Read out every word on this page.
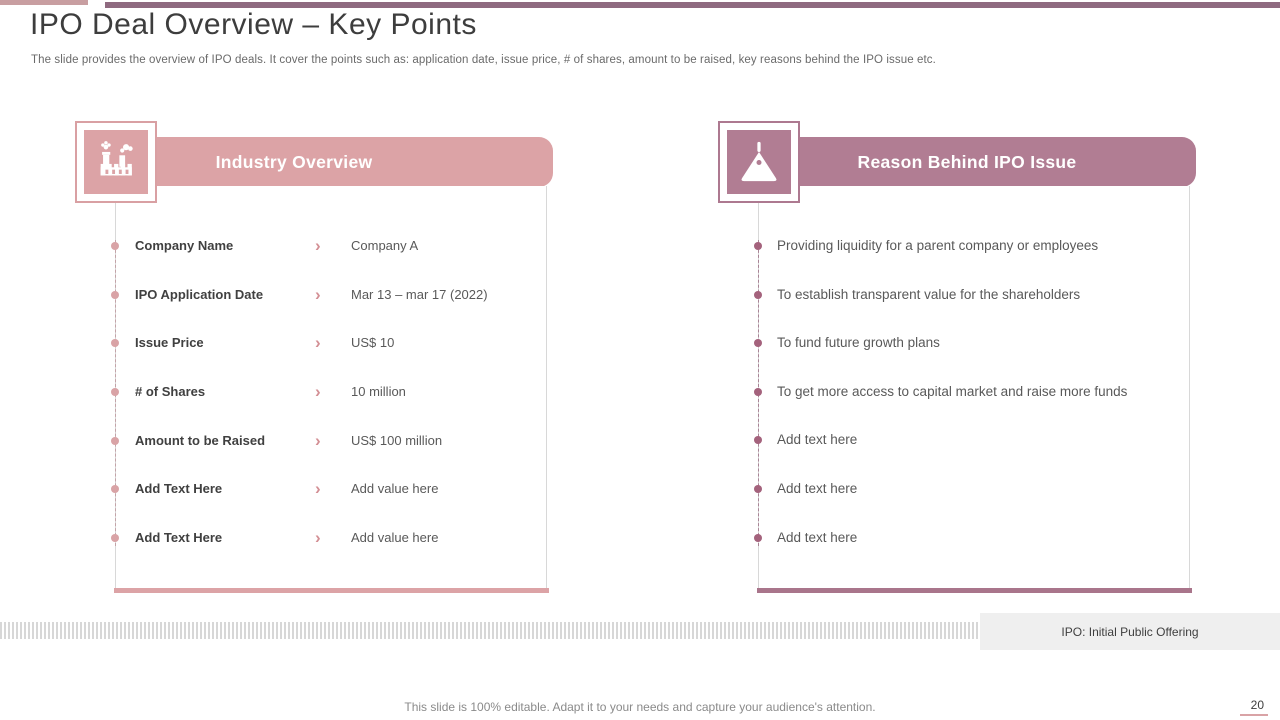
IPO Deal Overview – Key Points
The slide provides the overview of IPO deals. It cover the points such as: application date, issue price, # of shares, amount to be raised, key reasons behind the IPO issue etc.
Industry Overview
Company Name	› Company A
IPO Application Date	› Mar 13 – mar 17 (2022)
Issue Price	› US$ 10
# of Shares	› 10 million
Amount to be Raised	› US$ 100 million
Add Text Here	› Add value here
Add Text Here	› Add value here
Reason Behind IPO Issue
Providing liquidity for a parent company or employees
To establish transparent value for the shareholders
To fund future growth plans
To get more access to capital market and raise more funds
Add text here
Add text here
Add text here
IPO: Initial Public Offering
This slide is 100% editable. Adapt it to your needs and capture your audience's attention.	20
